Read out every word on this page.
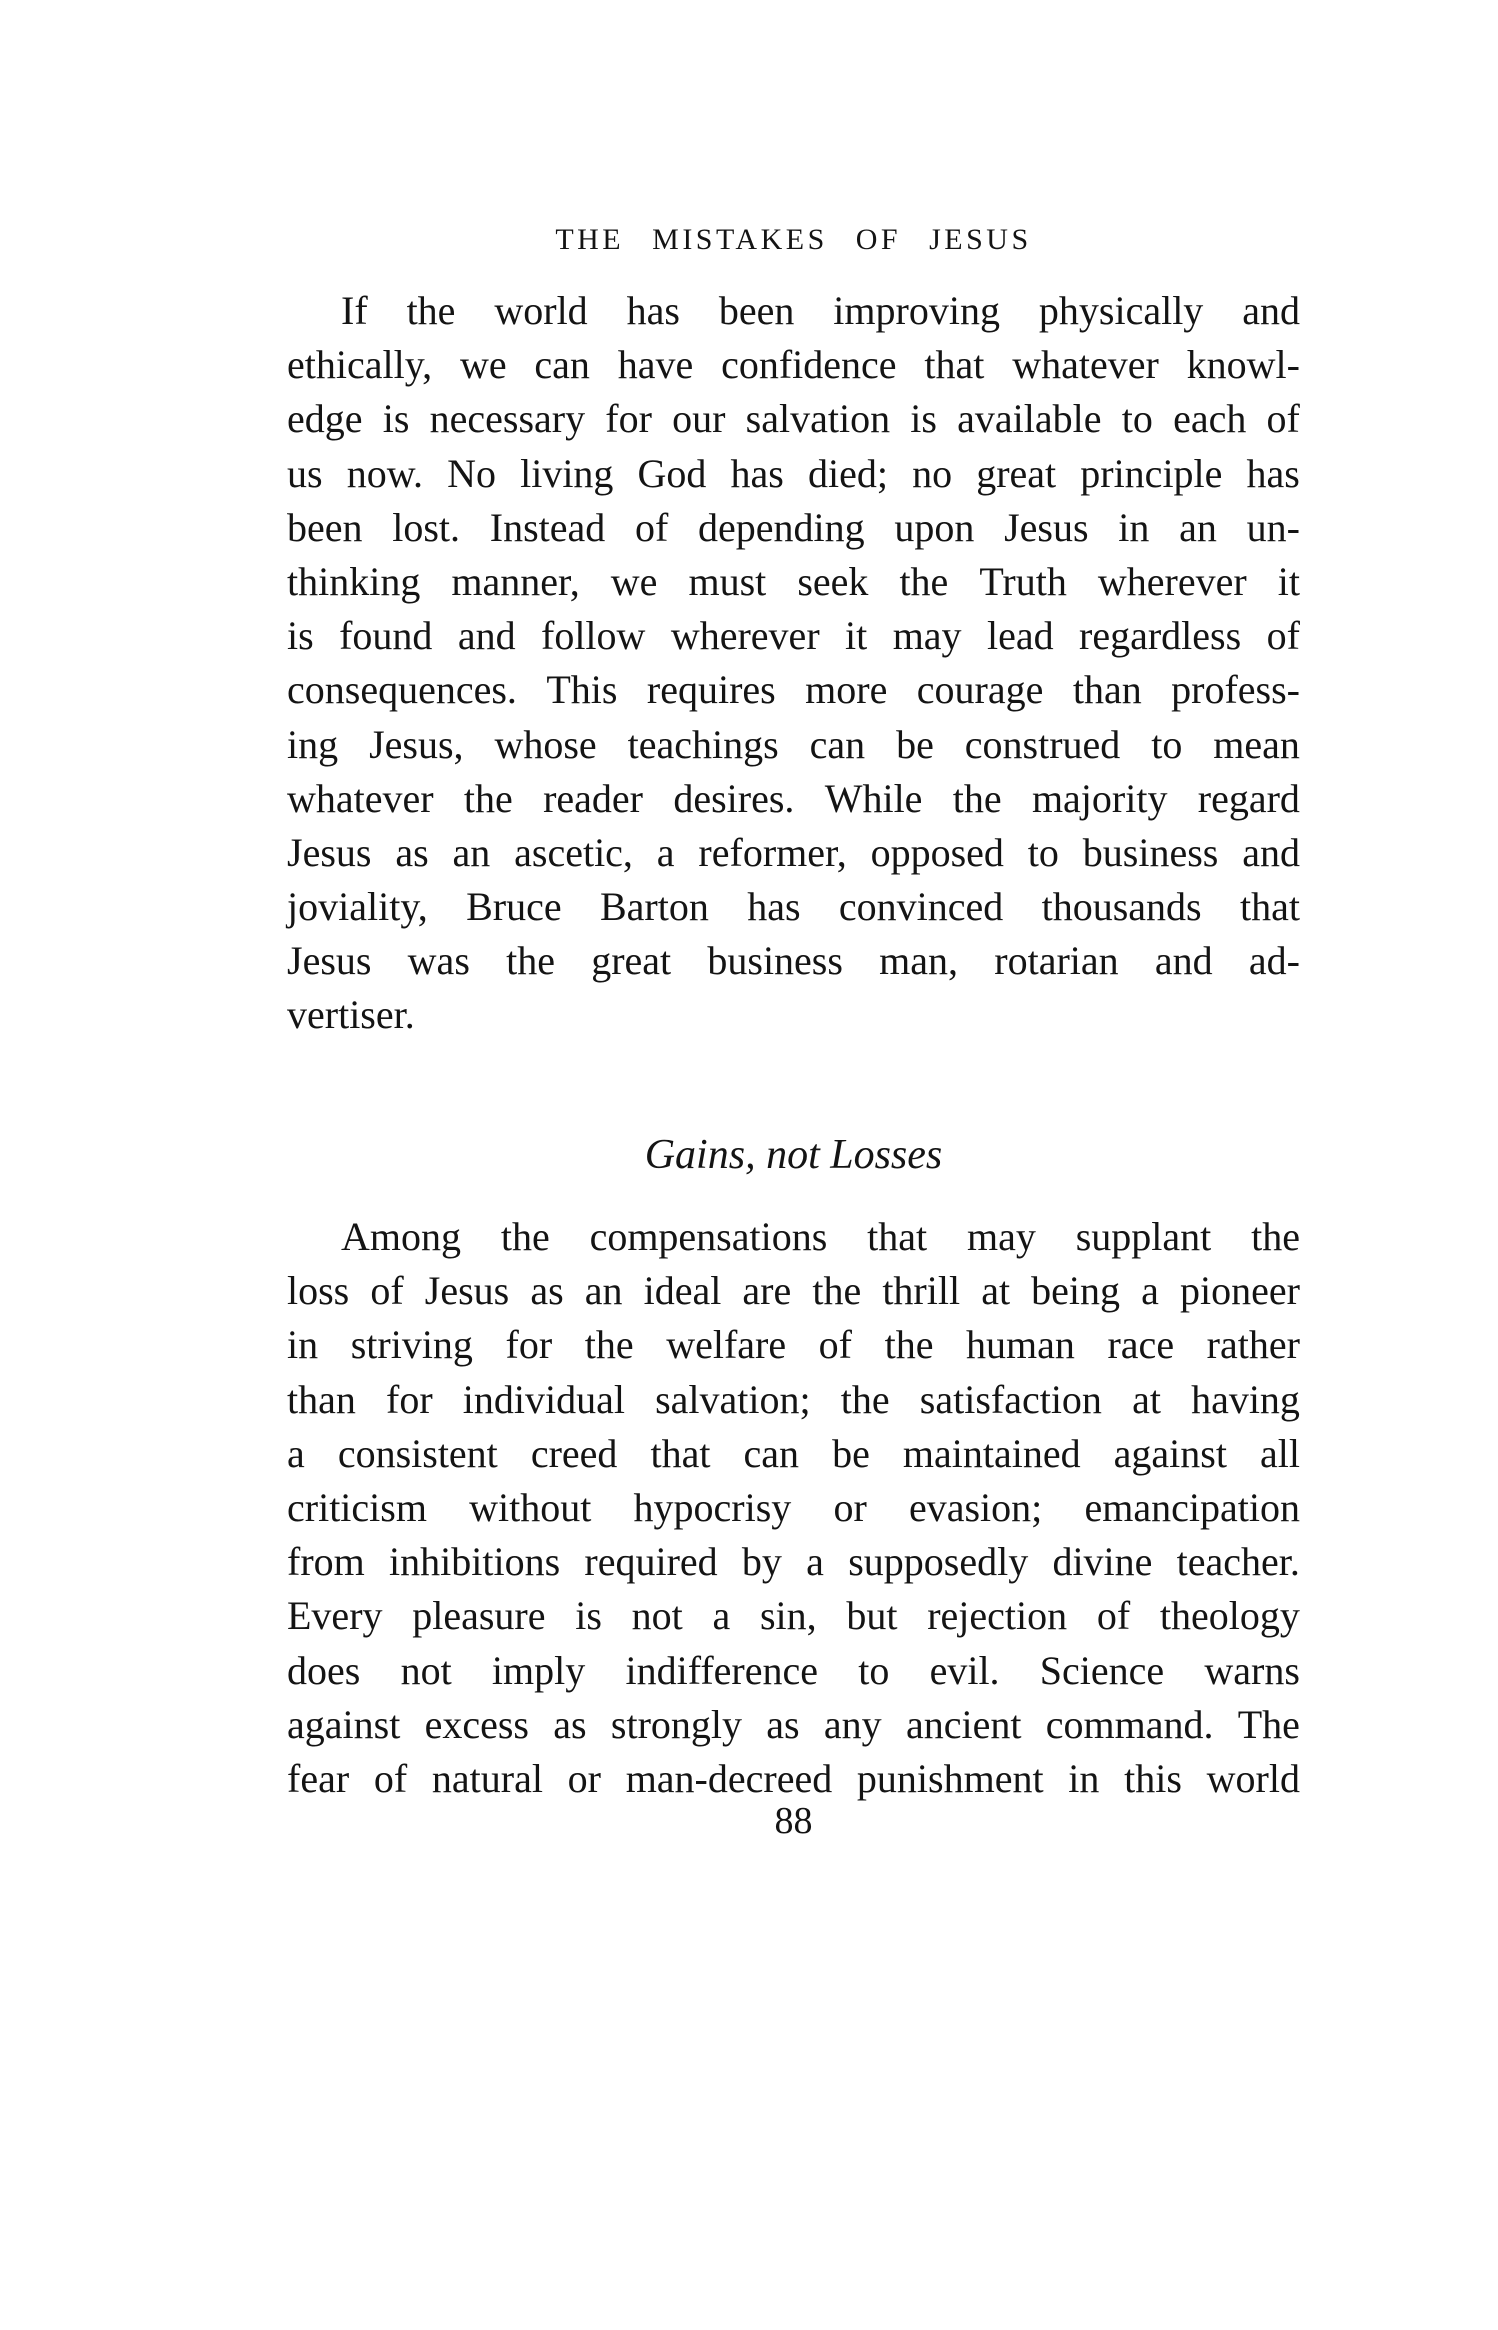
THE MISTAKES OF JESUS
If the world has been improving physically and
ethically, we can have confidence that whatever knowl-
edge is necessary for our salvation is available to each of
us now. No living God has died; no great principle has
been lost. Instead of depending upon Jesus in an un-
thinking manner, we must seek the Truth wherever it
is found and follow wherever it may lead regardless of
consequences. This requires more courage than profess-
ing Jesus, whose teachings can be construed to mean
whatever the reader desires. While the majority regard
Jesus as an ascetic, a reformer, opposed to business and
joviality, Bruce Barton has convinced thousands that
Jesus was the great business man, rotarian and ad-
vertiser.
Gains, not Losses
Among the compensations that may supplant the
loss of Jesus as an ideal are the thrill at being a pioneer
in striving for the welfare of the human race rather
than for individual salvation; the satisfaction at having
a consistent creed that can be maintained against all
criticism without hypocrisy or evasion; emancipation
from inhibitions required by a supposedly divine teacher.
Every pleasure is not a sin, but rejection of theology
does not imply indifference to evil. Science warns
against excess as strongly as any ancient command. The
fear of natural or man-decreed punishment in this world
88
